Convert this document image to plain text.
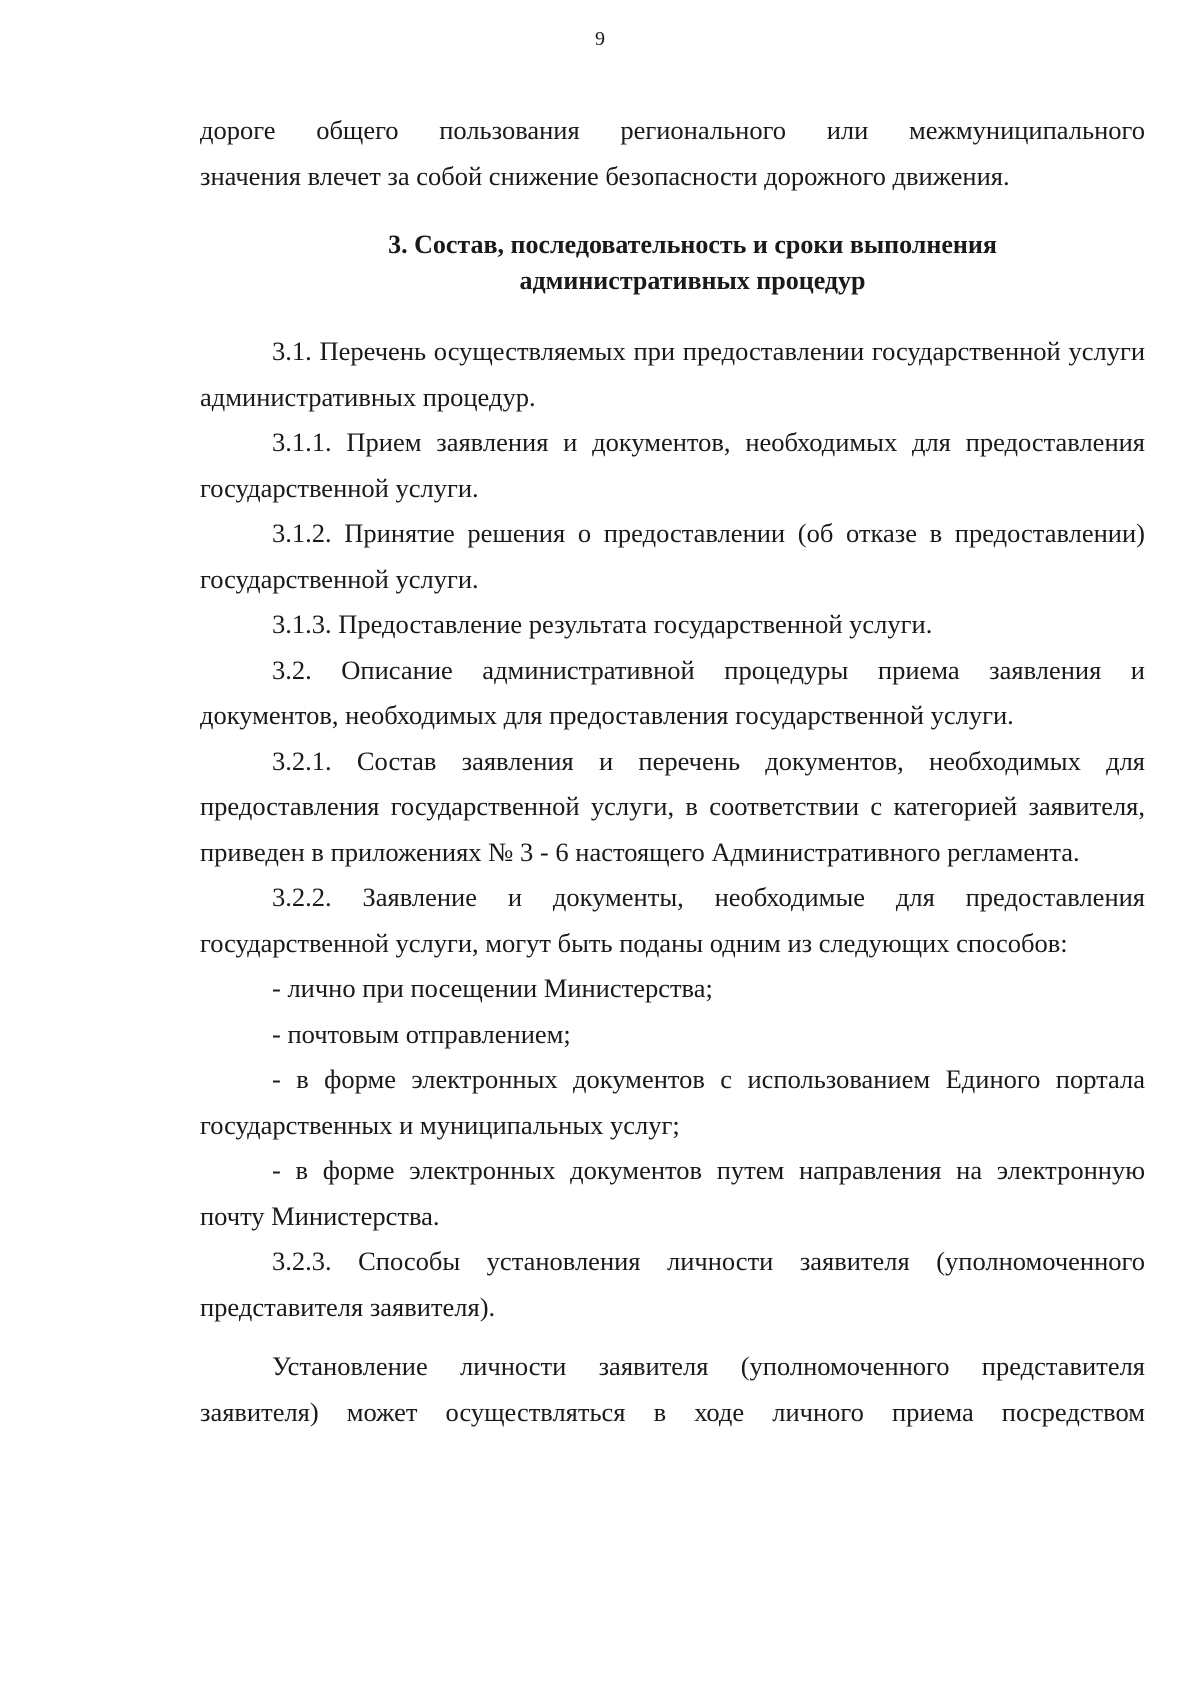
9

дороге общего пользования регионального или межмуниципального

значения влечет за собой снижение безопасности дорожного движения.

3. Состав, последовательность и сроки выполнения
административных процедур

3.1. Перечень осуществляемых при предоставлении государственной услуги административных процедур.

3.1.1. Прием заявления и документов, необходимых для предоставления государственной услуги.

3.1.2. Принятие решения о предоставлении (об отказе в предоставлении) государственной услуги.

3.1.3. Предоставление результата государственной услуги.

3.2. Описание административной процедуры приема заявления и документов, необходимых для предоставления государственной услуги.

3.2.1. Состав заявления и перечень документов, необходимых для предоставления государственной услуги, в соответствии с категорией заявителя, приведен в приложениях № 3 - 6 настоящего Административного регламента.

3.2.2. Заявление и документы, необходимые для предоставления государственной услуги, могут быть поданы одним из следующих способов:

- лично при посещении Министерства;

- почтовым отправлением;

- в форме электронных документов с использованием Единого портала государственных и муниципальных услуг;

- в форме электронных документов путем направления на электронную почту Министерства.

3.2.3. Способы установления личности заявителя (уполномоченного представителя заявителя).

Установление личности заявителя (уполномоченного представителя заявителя) может осуществляться в ходе личного приема посредством
